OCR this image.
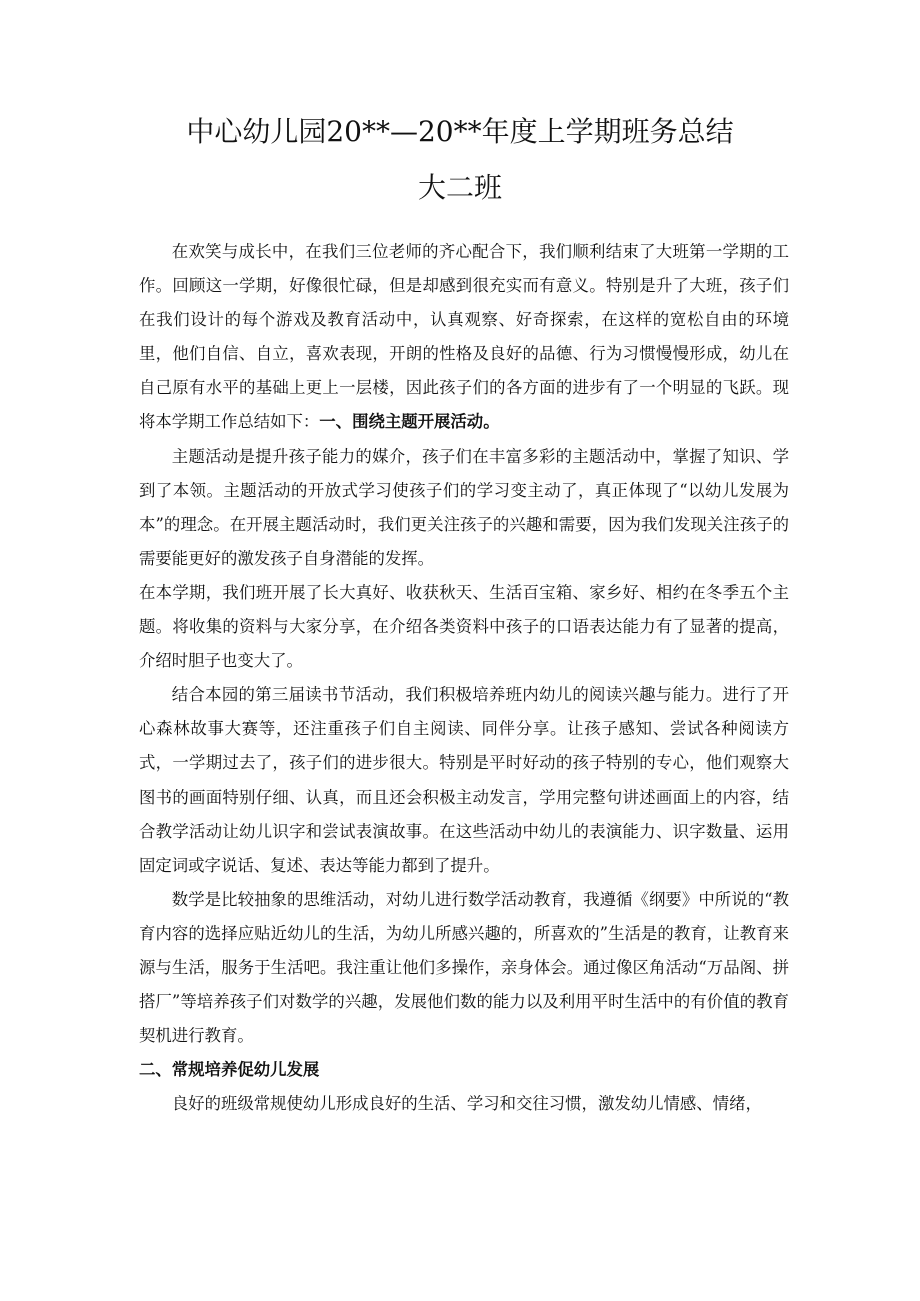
中心幼儿园20**—20**年度上学期班务总结
大二班

在欢笑与成长中，在我们三位老师的齐心配合下，我们顺利结束了大班第一学期的工作。回顾这一学期，好像很忙碌，但是却感到很充实而有意义。特别是升了大班，孩子们在我们设计的每个游戏及教育活动中，认真观察、好奇探索，在这样的宽松自由的环境里，他们自信、自立，喜欢表现，开朗的性格及良好的品德、行为习惯慢慢形成，幼儿在自己原有水平的基础上更上一层楼，因此孩子们的各方面的进步有了一个明显的飞跃。现将本学期工作总结如下：一、围绕主题开展活动。

主题活动是提升孩子能力的媒介，孩子们在丰富多彩的主题活动中，掌握了知识、学到了本领。主题活动的开放式学习使孩子们的学习变主动了，真正体现了“以幼儿发展为本”的理念。在开展主题活动时，我们更关注孩子的兴趣和需要，因为我们发现关注孩子的需要能更好的激发孩子自身潜能的发挥。

在本学期，我们班开展了长大真好、收获秋天、生活百宝箱、家乡好、相约在冬季五个主题。将收集的资料与大家分享，在介绍各类资料中孩子的口语表达能力有了显著的提高，介绍时胆子也变大了。

结合本园的第三届读书节活动，我们积极培养班内幼儿的阅读兴趣与能力。进行了开心森林故事大赛等，还注重孩子们自主阅读、同伴分享。让孩子感知、尝试各种阅读方式，一学期过去了，孩子们的进步很大。特别是平时好动的孩子特别的专心，他们观察大图书的画面特别仔细、认真，而且还会积极主动发言，学用完整句讲述画面上的内容，结合教学活动让幼儿识字和尝试表演故事。在这些活动中幼儿的表演能力、识字数量、运用固定词或字说话、复述、表达等能力都到了提升。

数学是比较抽象的思维活动，对幼儿进行数学活动教育，我遵循《纲要》中所说的“教育内容的选择应贴近幼儿的生活，为幼儿所感兴趣的，所喜欢的”生活是的教育，让教育来源与生活，服务于生活吧。我注重让他们多操作，亲身体会。通过像区角活动“万品阁、拼搭厂”等培养孩子们对数学的兴趣，发展他们数的能力以及利用平时生活中的有价值的教育契机进行教育。

二、常规培养促幼儿发展

良好的班级常规使幼儿形成良好的生活、学习和交往习惯，激发幼儿情感、情绪，
